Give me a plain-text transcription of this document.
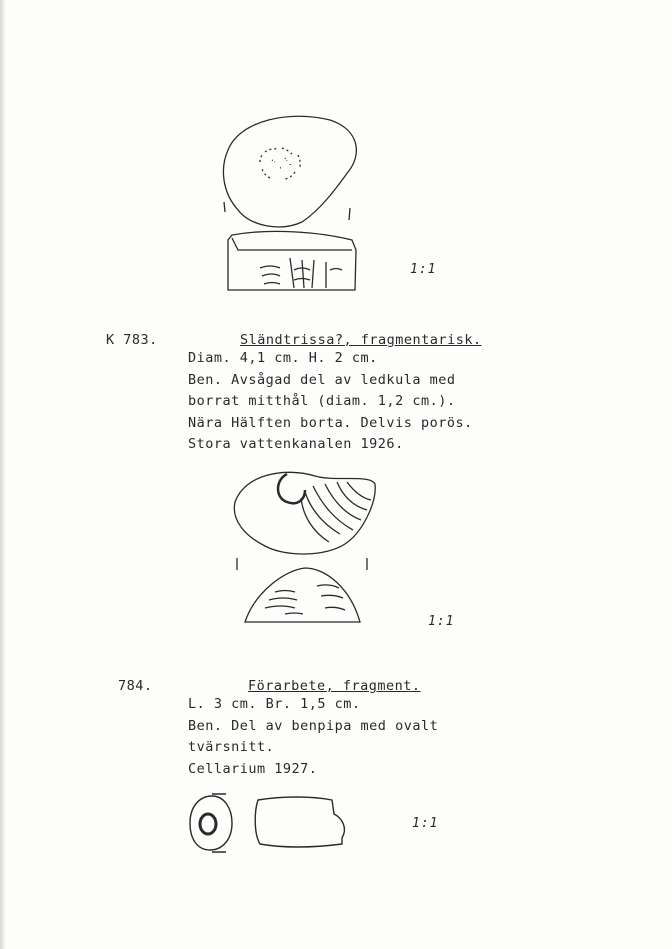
1:1
K 783.	Sländtrissa?, fragmentarisk.
Diam. 4,1 cm. H. 2 cm.
Ben. Avsågad del av ledkula med
borrat mitthål (diam. 1,2 cm.).
Nära Hälften borta. Delvis porös.
Stora vattenkanalen 1926.
1:1
784.	Förarbete, fragment.
L. 3 cm. Br. 1,5 cm.
Ben. Del av benpipa med ovalt
tvärsnitt.
Cellarium 1927.
1:1
